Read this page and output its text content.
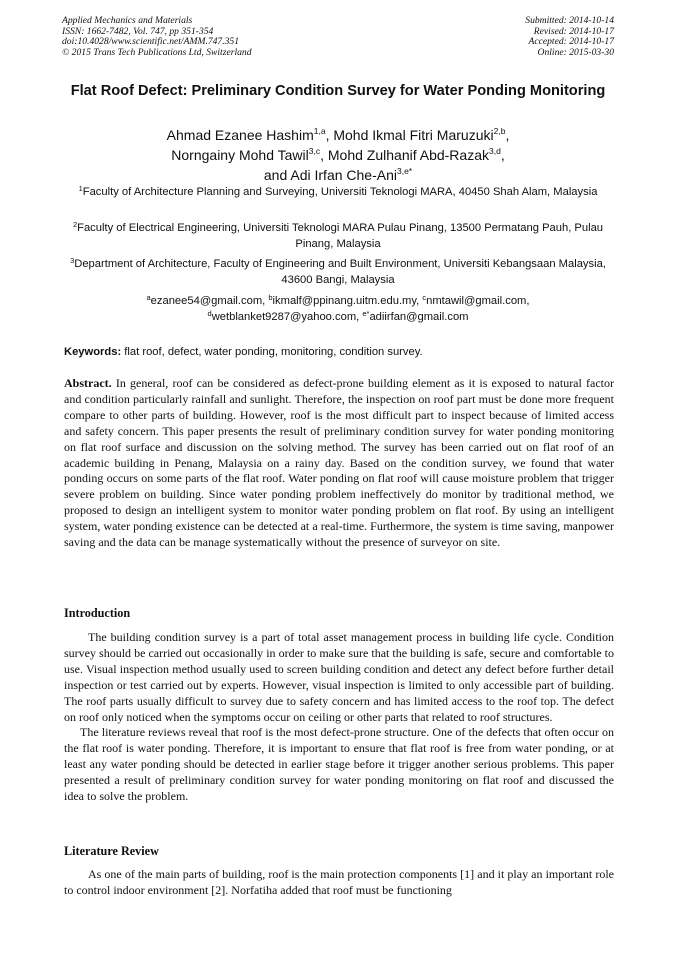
Applied Mechanics and Materials
ISSN: 1662-7482, Vol. 747, pp 351-354
doi:10.4028/www.scientific.net/AMM.747.351
© 2015 Trans Tech Publications Ltd, Switzerland
Submitted: 2014-10-14
Revised: 2014-10-17
Accepted: 2014-10-17
Online: 2015-03-30
Flat Roof Defect: Preliminary Condition Survey for Water Ponding Monitoring
Ahmad Ezanee Hashim$^{1,a}$, Mohd Ikmal Fitri Maruzuki$^{2,b}$,
Norngainy Mohd Tawil$^{3,c}$, Mohd Zulhanif Abd-Razak$^{3,d}$,
and Adi Irfan Che-Ani$^{3,e*}$
$^1$Faculty of Architecture Planning and Surveying, Universiti Teknologi MARA, 40450 Shah Alam, Malaysia
$^2$Faculty of Electrical Engineering, Universiti Teknologi MARA Pulau Pinang, 13500 Permatang Pauh, Pulau Pinang, Malaysia
$^3$Department of Architecture, Faculty of Engineering and Built Environment, Universiti Kebangsaan Malaysia, 43600 Bangi, Malaysia
$^a$ezanee54@gmail.com, $^b$ikmalf@ppinang.uitm.edu.my, $^c$nmtawil@gmail.com,
$^d$wetblanket9287@yahoo.com, $^{e*}$adiirfan@gmail.com
Keywords: flat roof, defect, water ponding, monitoring, condition survey.

Abstract. In general, roof can be considered as defect-prone building element as it is exposed to natural factor and condition particularly rainfall and sunlight. Therefore, the inspection on roof part must be done more frequent compare to other parts of building. However, roof is the most difficult part to inspect because of limited access and safety concern. This paper presents the result of preliminary condition survey for water ponding monitoring on flat roof surface and discussion on the solving method. The survey has been carried out on flat roof of an academic building in Penang, Malaysia on a rainy day. Based on the condition survey, we found that water ponding occurs on some parts of the flat roof. Water ponding on flat roof will cause moisture problem that trigger severe problem on building. Since water ponding problem ineffectively do monitor by traditional method, we proposed to design an intelligent system to monitor water ponding problem on flat roof. By using an intelligent system, water ponding existence can be detected at a real-time. Furthermore, the system is time saving, manpower saving and the data can be manage systematically without the presence of surveyor on site.

Introduction

The building condition survey is a part of total asset management process in building life cycle. Condition survey should be carried out occasionally in order to make sure that the building is safe, secure and comfortable to use. Visual inspection method usually used to screen building condition and detect any defect before further detail inspection or test carried out by experts. However, visual inspection is limited to only accessible part of building. The roof parts usually difficult to survey due to safety concern and has limited access to the roof top. The defect on roof only noticed when the symptoms occur on ceiling or other parts that related to roof structures.

The literature reviews reveal that roof is the most defect-prone structure. One of the defects that often occur on the flat roof is water ponding. Therefore, it is important to ensure that flat roof is free from water ponding, or at least any water ponding should be detected in earlier stage before it trigger another serious problems. This paper presented a result of preliminary condition survey for water ponding monitoring on flat roof and discussed the idea to solve the problem.

Literature Review

As one of the main parts of building, roof is the main protection components [1] and it play an important role to control indoor environment [2]. Norfatiha added that roof must be functioning
